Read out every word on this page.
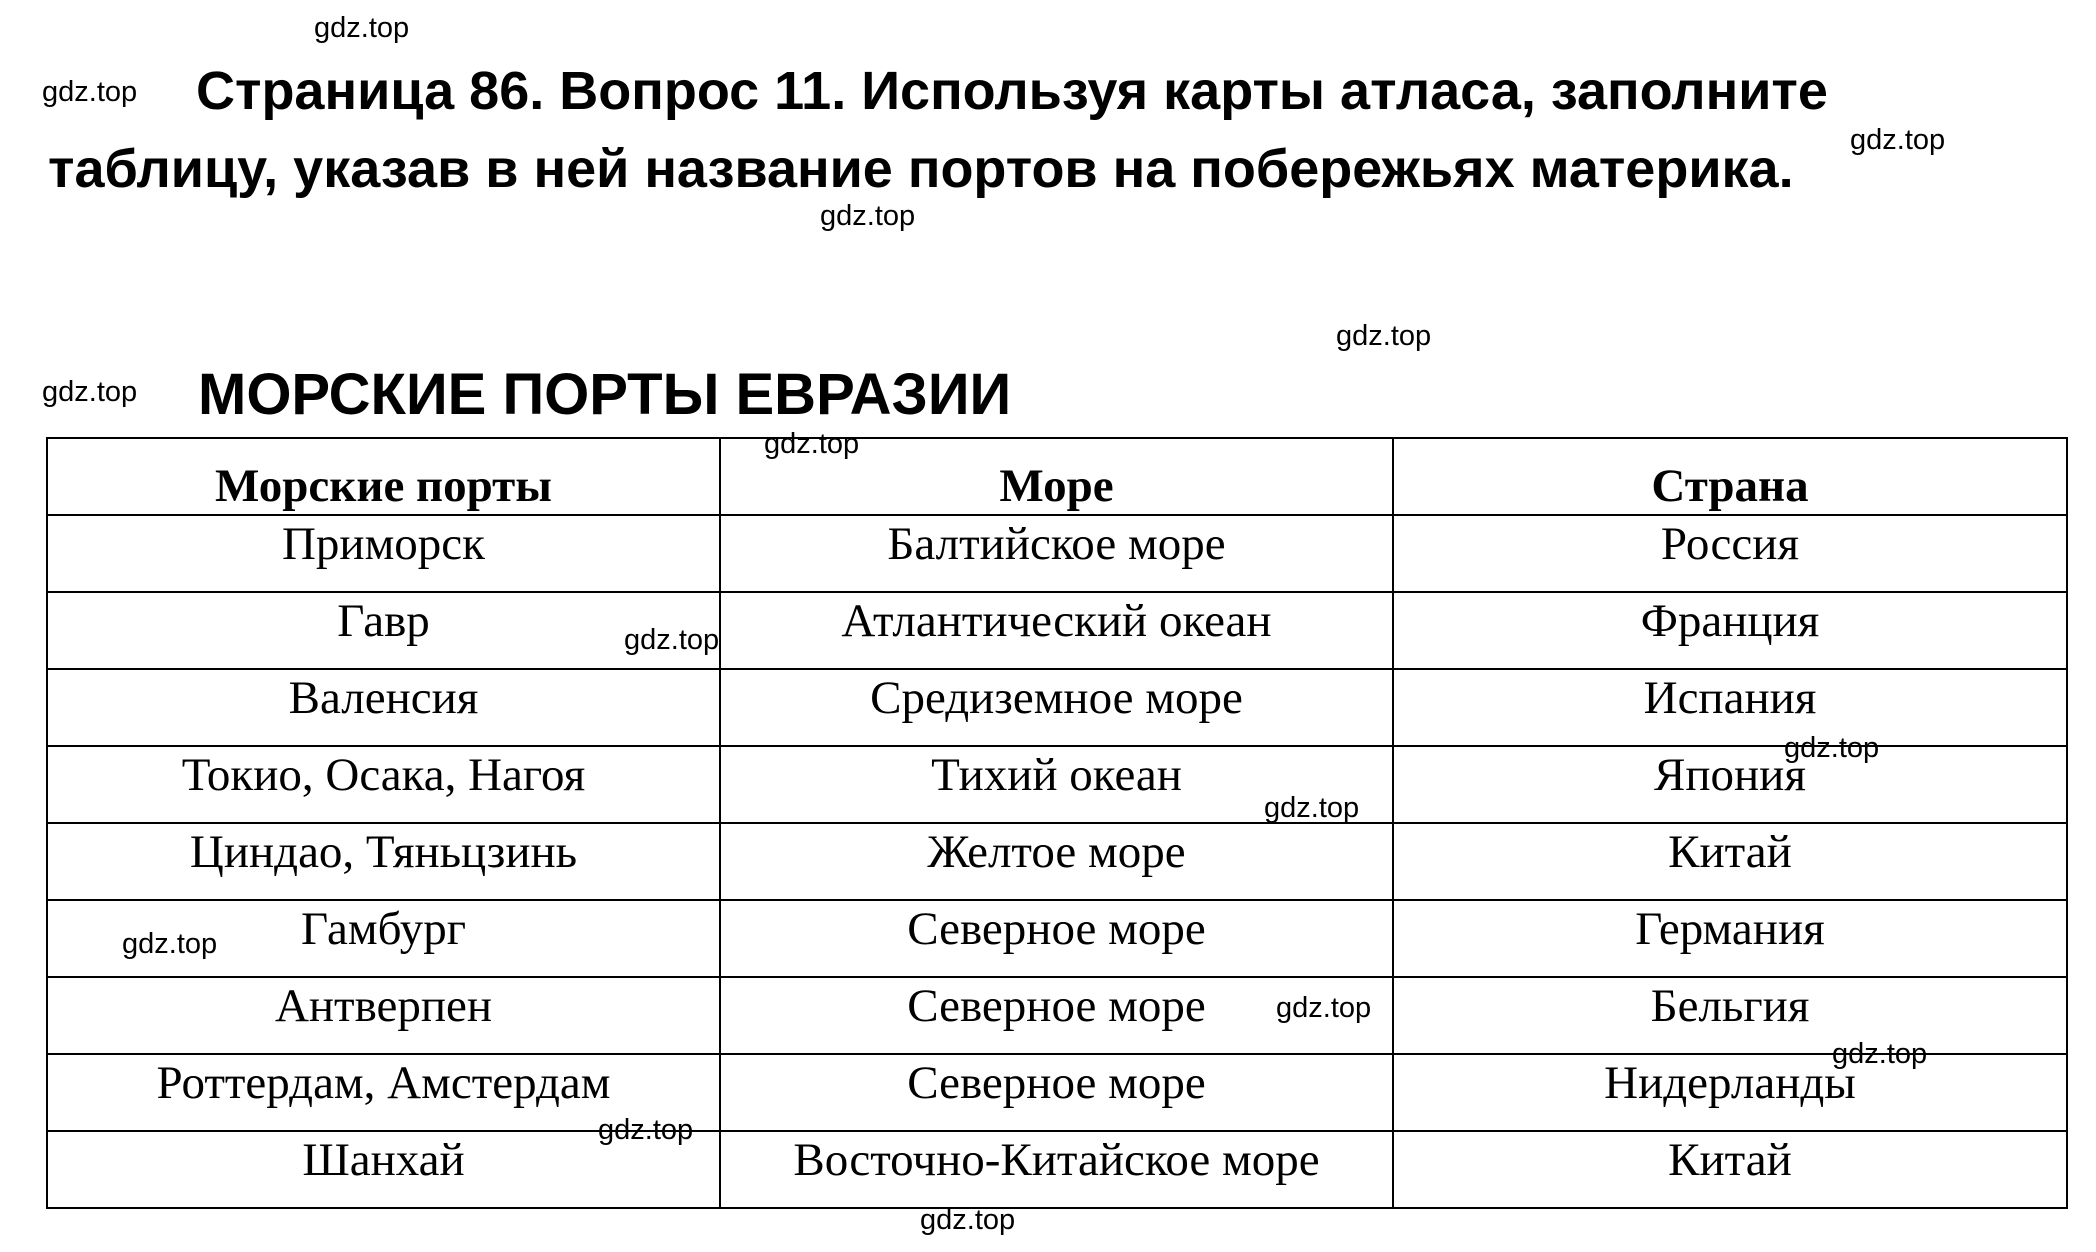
Страница 86. Вопрос 11. Используя карты атласа, заполните
таблицу, указав в ней название портов на побережьях материка.
МОРСКИЕ ПОРТЫ ЕВРАЗИИ
Морские порты	Море	Страна
Приморск	Балтийское море	Россия
Гавр	Атлантический океан	Франция
Валенсия	Средиземное море	Испания
Токио, Осака, Нагоя	Тихий океан	Япония
Циндао, Тяньцзинь	Желтое море	Китай
Гамбург	Северное море	Германия
Антверпен	Северное море	Бельгия
Роттердам, Амстердам	Северное море	Нидерланды
Шанхай	Восточно-Китайское море	Китай
gdz.top
gdz.top
gdz.top
gdz.top
gdz.top
gdz.top
gdz.top
gdz.top
gdz.top
gdz.top
gdz.top
gdz.top
gdz.top
gdz.top
gdz.top
